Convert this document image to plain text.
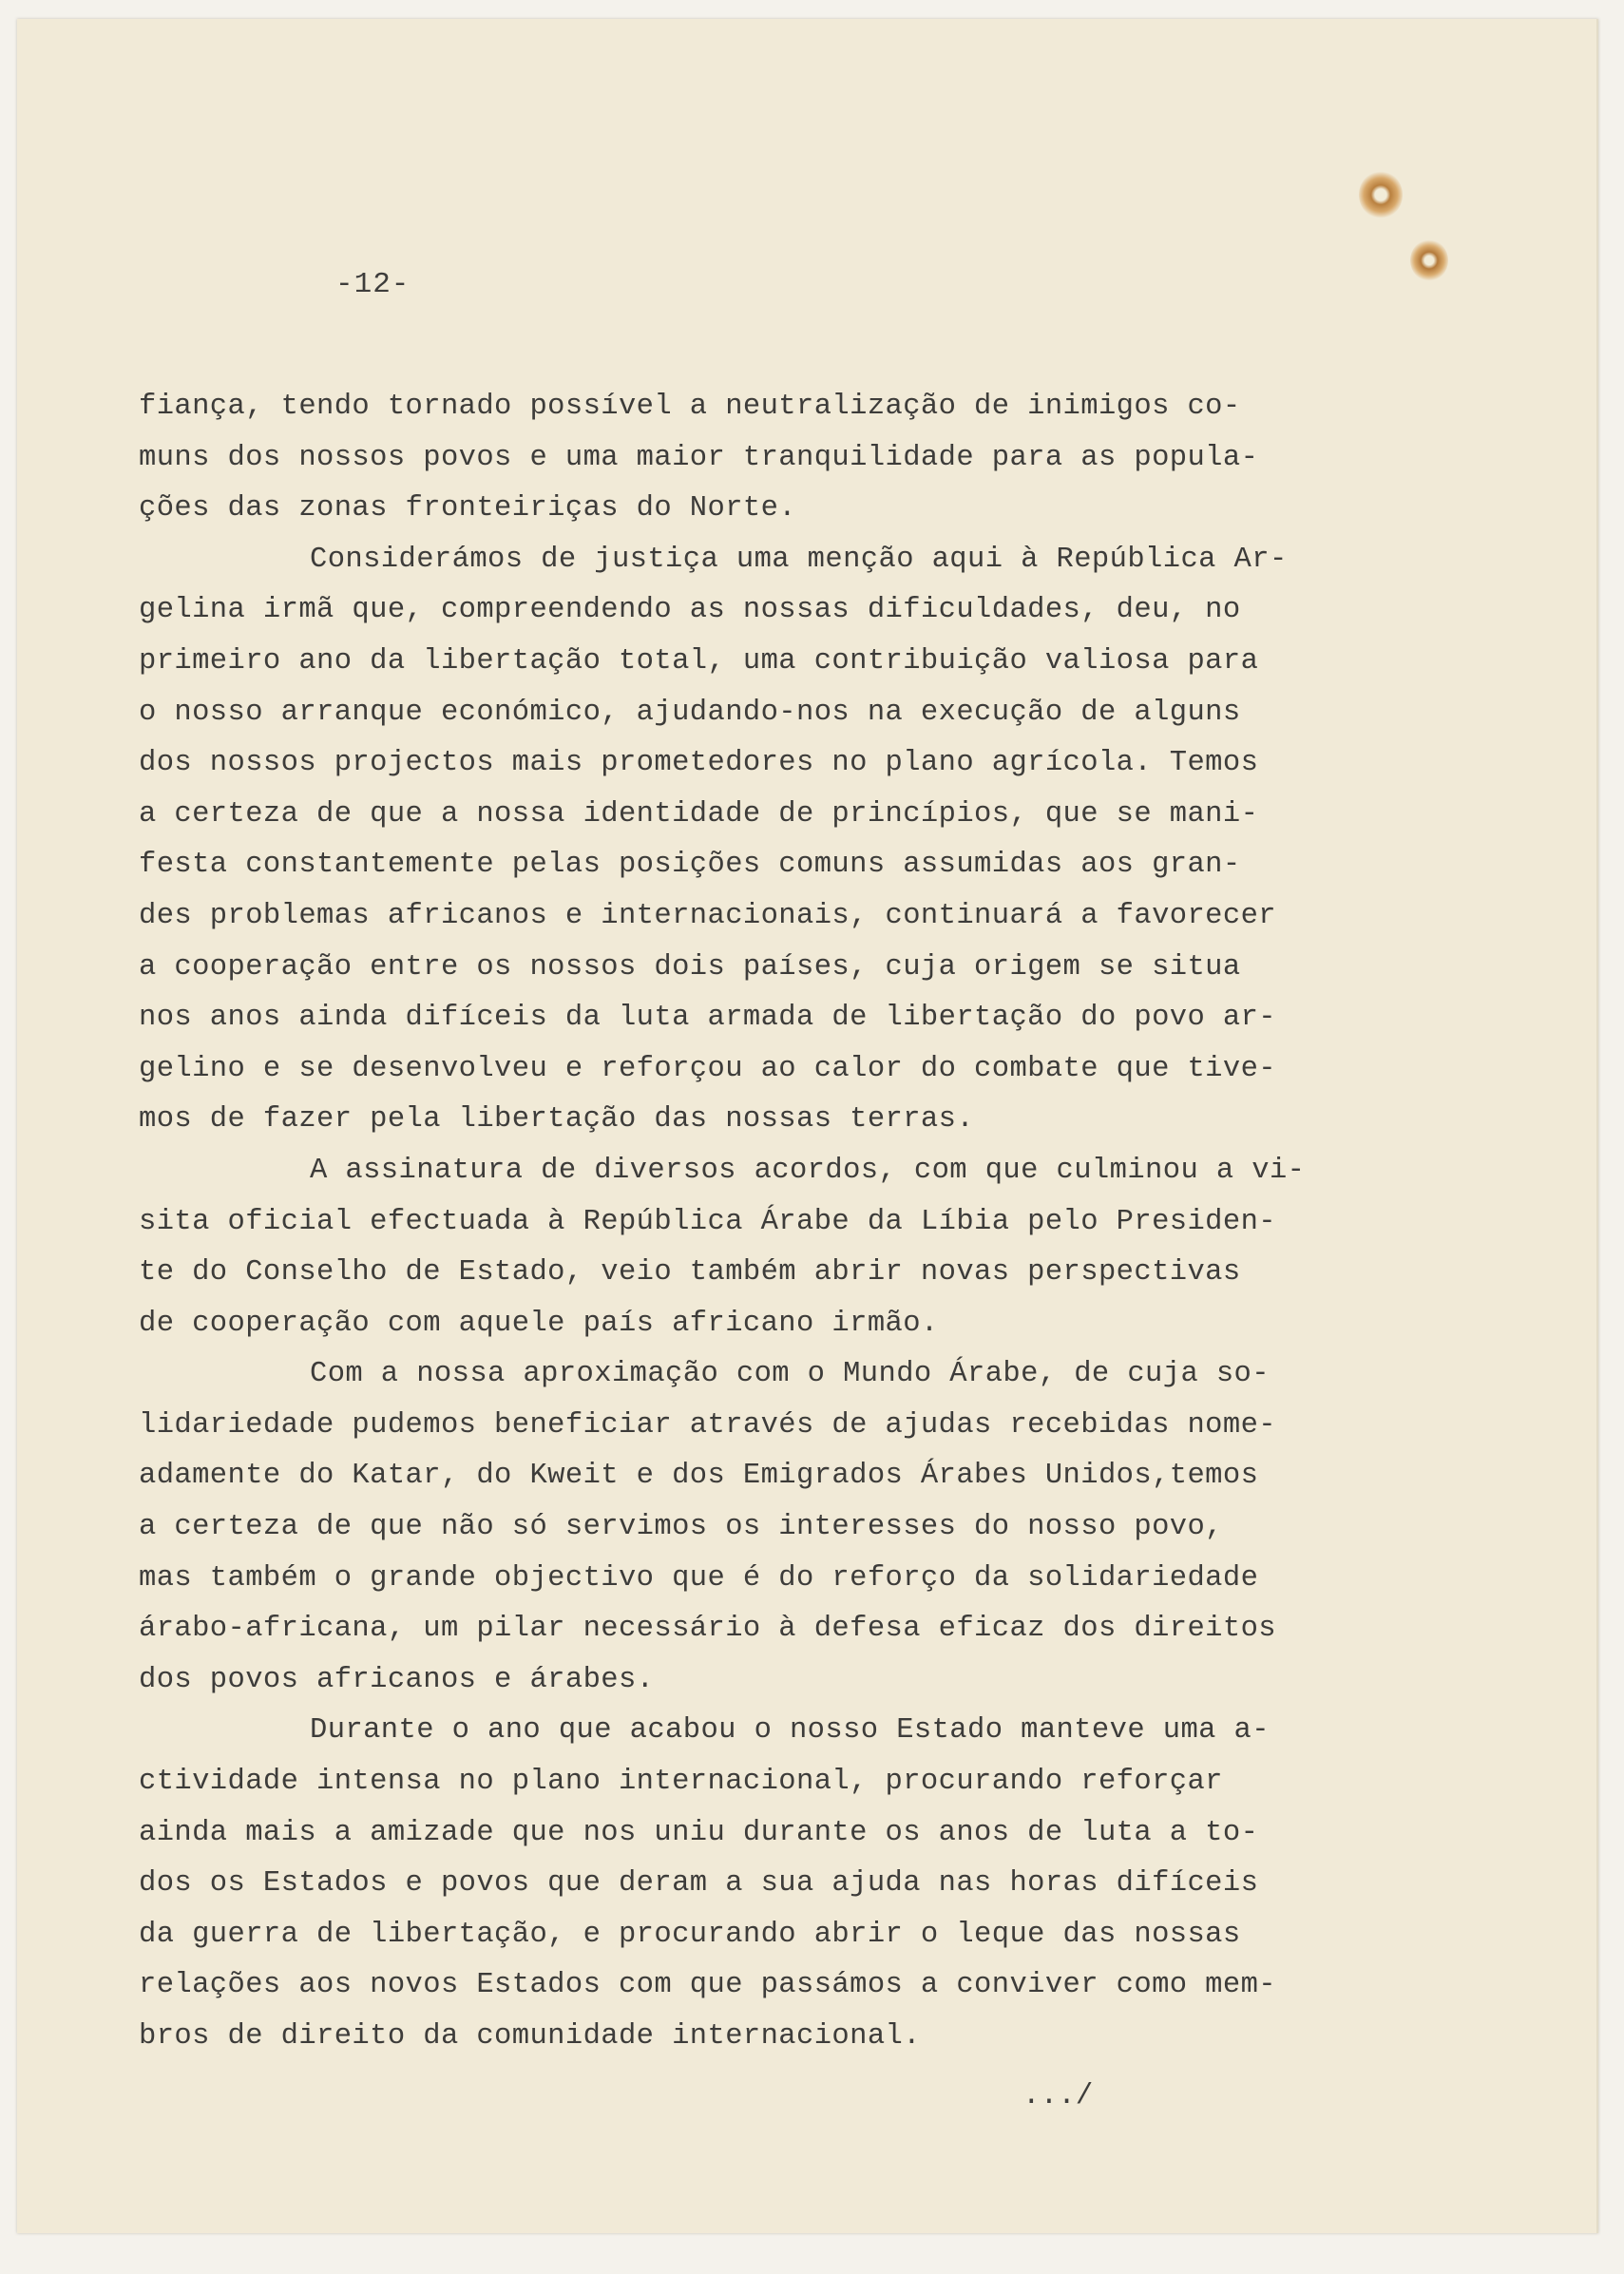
-12-
fiança, tendo tornado possível a neutralização de inimigos co-
muns dos nossos povos e uma maior tranquilidade para as popula-
ções das zonas fronteiriças do Norte.
Considerámos de justiça uma menção aqui à República Ar-
gelina irmã que, compreendendo as nossas dificuldades, deu, no
primeiro ano da libertação total, uma contribuição valiosa para
o nosso arranque económico, ajudando-nos na execução de alguns
dos nossos projectos mais prometedores no plano agrícola. Temos
a certeza de que a nossa identidade de princípios, que se mani-
festa constantemente pelas posições comuns assumidas aos gran-
des problemas africanos e internacionais, continuará a favorecer
a cooperação entre os nossos dois países, cuja origem se situa
nos anos ainda difíceis da luta armada de libertação do povo ar-
gelino e se desenvolveu e reforçou ao calor do combate que tive-
mos de fazer pela libertação das nossas terras.
A assinatura de diversos acordos, com que culminou a vi-
sita oficial efectuada à República Árabe da Líbia pelo Presiden-
te do Conselho de Estado, veio também abrir novas perspectivas
de cooperação com aquele país africano irmão.
Com a nossa aproximação com o Mundo Árabe, de cuja so-
lidariedade pudemos beneficiar através de ajudas recebidas nome-
adamente do Katar, do Kweit e dos Emigrados Árabes Unidos,temos
a certeza de que não só servimos os interesses do nosso povo,
mas também o grande objectivo que é do reforço da solidariedade
árabo-africana, um pilar necessário à defesa eficaz dos direitos
dos povos africanos e árabes.
Durante o ano que acabou o nosso Estado manteve uma a-
ctividade intensa no plano internacional, procurando reforçar
ainda mais a amizade que nos uniu durante os anos de luta a to-
dos os Estados e povos que deram a sua ajuda nas horas difíceis
da guerra de libertação, e procurando abrir o leque das nossas
relações aos novos Estados com que passámos a conviver como mem-
bros de direito da comunidade internacional.
.../
